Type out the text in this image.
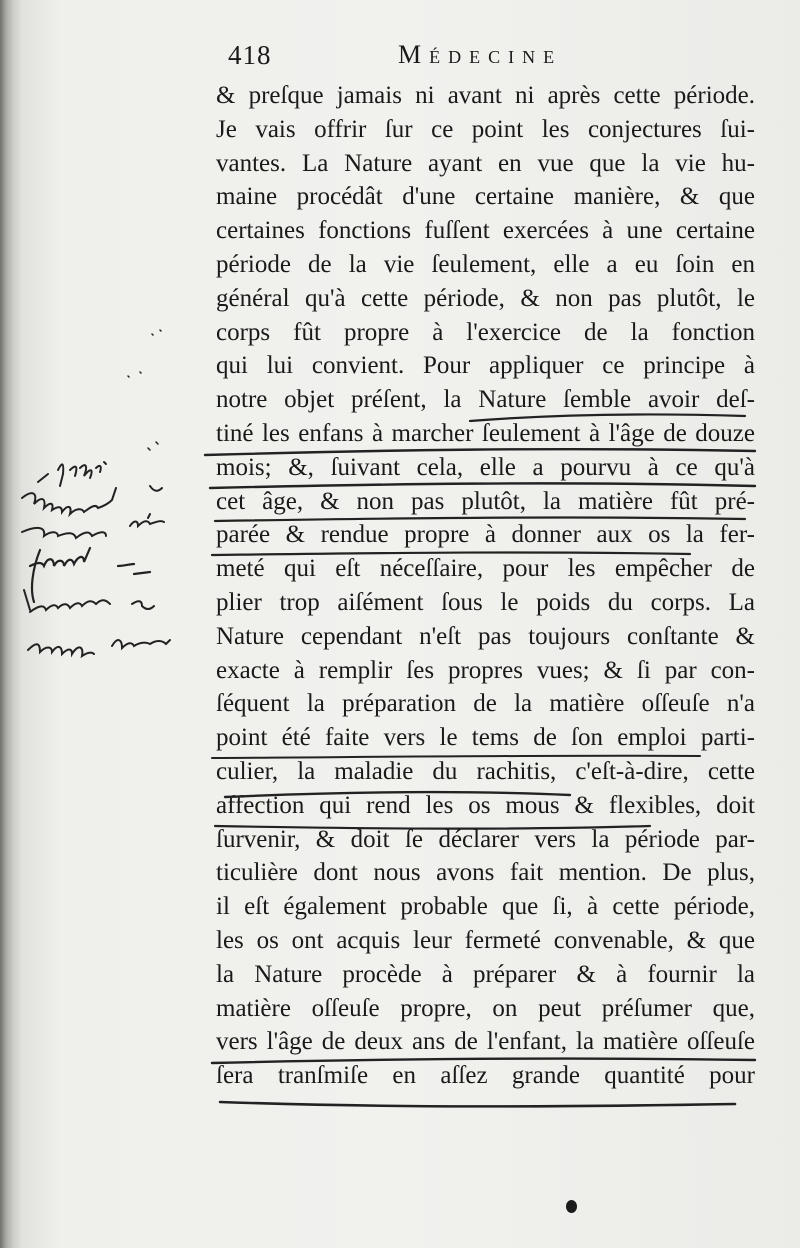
418	Médecine
& preſque jamais ni avant ni après cette période.
Je vais offrir ſur ce point les conjectures ſui-
vantes. La Nature ayant en vue que la vie hu-
maine procédât d'une certaine manière, & que
certaines fonctions fuſſent exercées à une certaine
période de la vie ſeulement, elle a eu ſoin en
général qu'à cette période, & non pas plutôt, le
corps fût propre à l'exercice de la fonction
qui lui convient. Pour appliquer ce principe à
notre objet préſent, la Nature ſemble avoir deſ-
tiné les enfans à marcher ſeulement à l'âge de douze
mois; &, ſuivant cela, elle a pourvu à ce qu'à
cet âge, & non pas plutôt, la matière fût pré-
parée & rendue propre à donner aux os la fer-
meté qui eſt néceſſaire, pour les empêcher de
plier trop aiſément ſous le poids du corps. La
Nature cependant n'eſt pas toujours conſtante &
exacte à remplir ſes propres vues; & ſi par con-
ſéquent la préparation de la matière oſſeuſe n'a
point été faite vers le tems de ſon emploi parti-
culier, la maladie du rachitis, c'eſt-à-dire, cette
affection qui rend les os mous & flexibles, doit
ſurvenir, & doit ſe déclarer vers la période par-
ticulière dont nous avons fait mention. De plus,
il eſt également probable que ſi, à cette période,
les os ont acquis leur fermeté convenable, & que
la Nature procède à préparer & à fournir la
matière oſſeuſe propre, on peut préſumer que,
vers l'âge de deux ans de l'enfant, la matière oſſeuſe
ſera tranſmiſe en aſſez grande quantité pour
